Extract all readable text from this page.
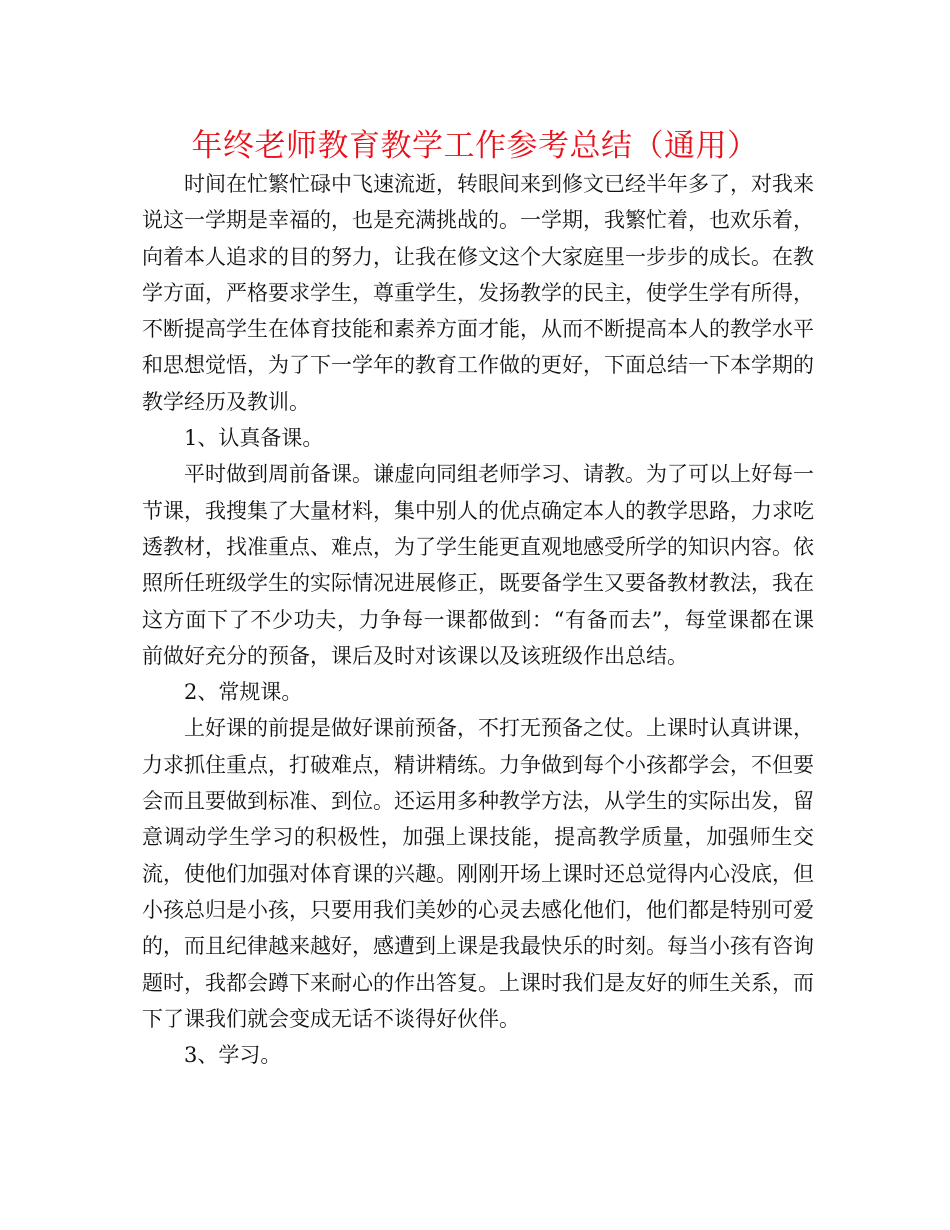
年终老师教育教学工作参考总结（通用）

时间在忙繁忙碌中飞速流逝，转眼间来到修文已经半年多了，对我来说这一学期是幸福的，也是充满挑战的。一学期，我繁忙着，也欢乐着，向着本人追求的目的努力，让我在修文这个大家庭里一步步的成长。在教学方面，严格要求学生，尊重学生，发扬教学的民主，使学生学有所得，不断提高学生在体育技能和素养方面才能，从而不断提高本人的教学水平和思想觉悟，为了下一学年的教育工作做的更好，下面总结一下本学期的教学经历及教训。

1、认真备课。

平时做到周前备课。谦虚向同组老师学习、请教。为了可以上好每一节课，我搜集了大量材料，集中别人的优点确定本人的教学思路，力求吃透教材，找准重点、难点，为了学生能更直观地感受所学的知识内容。依照所任班级学生的实际情况进展修正，既要备学生又要备教材教法，我在这方面下了不少功夫，力争每一课都做到：“有备而去”，每堂课都在课前做好充分的预备，课后及时对该课以及该班级作出总结。

2、常规课。

上好课的前提是做好课前预备，不打无预备之仗。上课时认真讲课，力求抓住重点，打破难点，精讲精练。力争做到每个小孩都学会，不但要会而且要做到标准、到位。还运用多种教学方法，从学生的实际出发，留意调动学生学习的积极性，加强上课技能，提高教学质量，加强师生交流，使他们加强对体育课的兴趣。刚刚开场上课时还总觉得内心没底，但小孩总归是小孩，只要用我们美妙的心灵去感化他们，他们都是特别可爱的，而且纪律越来越好，感遭到上课是我最快乐的时刻。每当小孩有咨询题时，我都会蹲下来耐心的作出答复。上课时我们是友好的师生关系，而下了课我们就会变成无话不谈得好伙伴。

3、学习。
